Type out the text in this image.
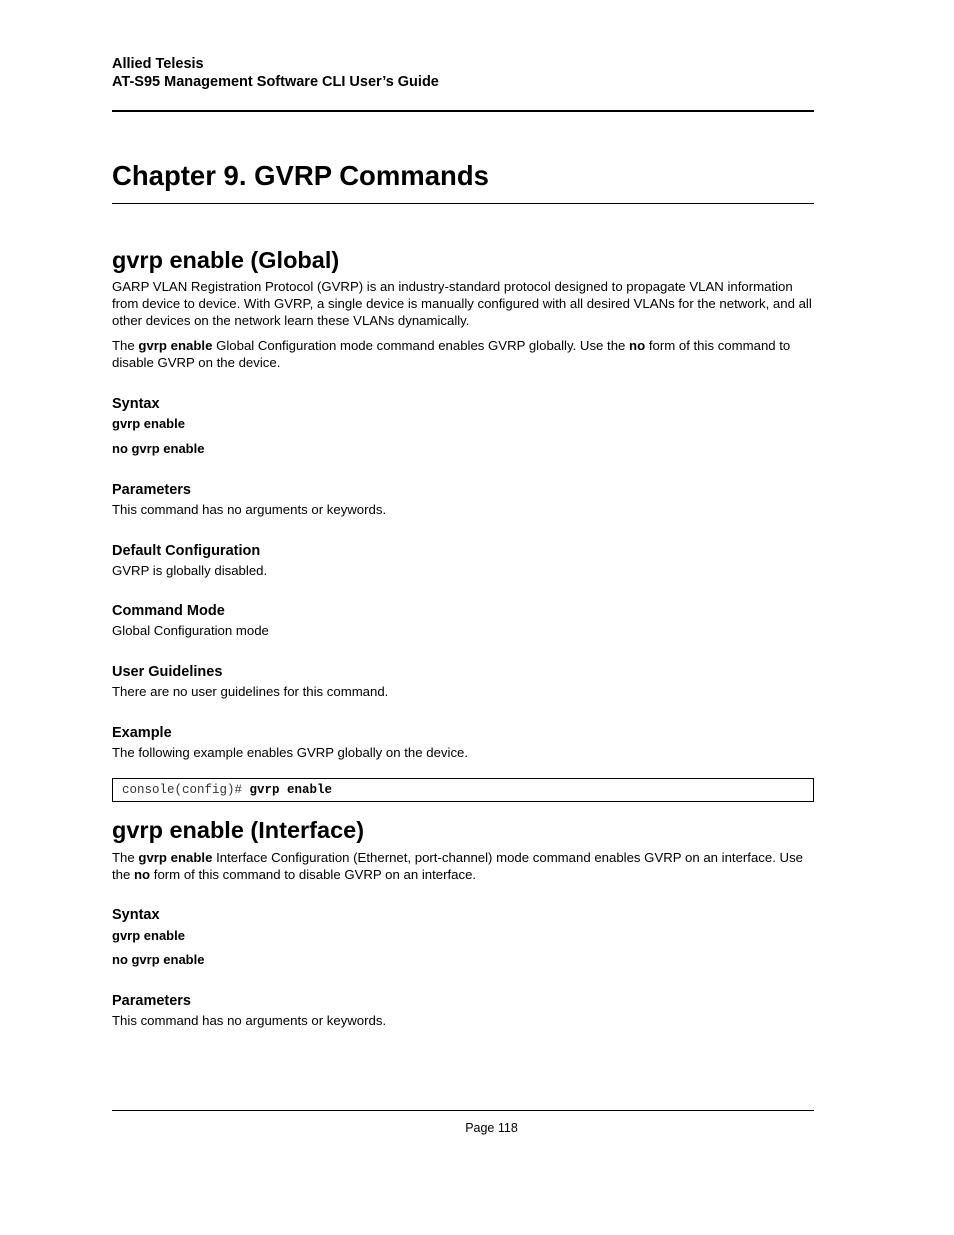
Allied Telesis
AT-S95 Management Software CLI User’s Guide
Chapter 9. GVRP Commands
gvrp enable (Global)

GARP VLAN Registration Protocol (GVRP) is an industry-standard protocol designed to propagate VLAN information from device to device. With GVRP, a single device is manually configured with all desired VLANs for the network, and all other devices on the network learn these VLANs dynamically.

The gvrp enable Global Configuration mode command enables GVRP globally. Use the no form of this command to disable GVRP on the device.

Syntax
gvrp enable
no gvrp enable
Parameters

This command has no arguments or keywords.

Default Configuration

GVRP is globally disabled.

Command Mode

Global Configuration mode

User Guidelines

There are no user guidelines for this command.

Example

The following example enables GVRP globally on the device.

console(config)# gvrp enable
gvrp enable (Interface)

The gvrp enable Interface Configuration (Ethernet, port-channel) mode command enables GVRP on an interface. Use the no form of this command to disable GVRP on an interface.

Syntax
gvrp enable
no gvrp enable
Parameters

This command has no arguments or keywords.

Page 118
